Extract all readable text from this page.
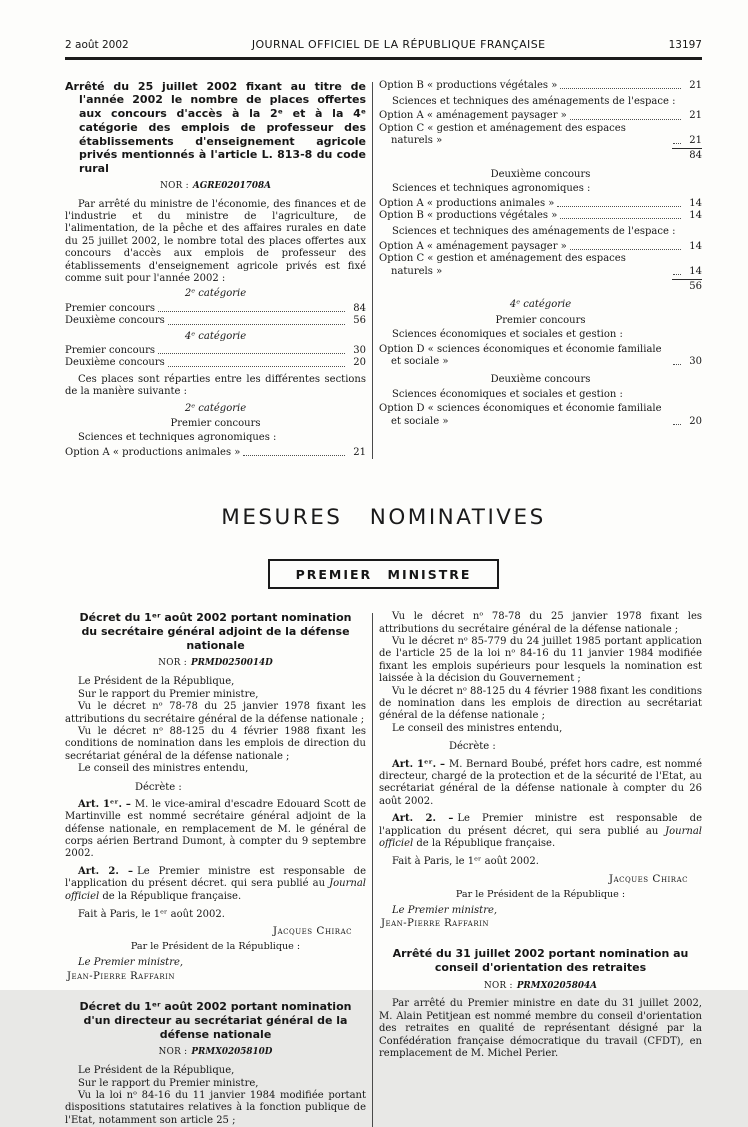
2 août 2002	JOURNAL OFFICIEL DE LA RÉPUBLIQUE FRANÇAISE	13197
Arrêté du 25 juillet 2002 fixant au titre de l'année 2002 le nombre de places offertes aux concours d'accès à la 2ᵉ et à la 4ᵉ catégorie des emplois de professeur des établissements d'enseignement agricole privés mentionnés à l'article L. 813-8 du code rural

NOR : AGRE0201708A

Par arrêté du ministre de l'économie, des finances et de l'industrie et du ministre de l'agriculture, de l'alimentation, de la pêche et des affaires rurales en date du 25 juillet 2002, le nombre total des places offertes aux concours d'accès aux emplois de professeur des établissements d'enseignement agricole privés est fixé comme suit pour l'année 2002 :

2ᵉ catégorie

Premier concours	84
Deuxième concours	56

4ᵉ catégorie

Premier concours	30
Deuxième concours	20

Ces places sont réparties entre les différentes sections de la manière suivante :

2ᵉ catégorie

Premier concours

Sciences et techniques agronomiques :

Option A « productions animales »	21
Option B « productions végétales »	21

Sciences et techniques des aménagements de l'espace :

Option A « aménagement paysager »	21
Option C « gestion et aménagement des espaces naturels »	21
84

Deuxième concours

Sciences et techniques agronomiques :

Option A « productions animales »	14
Option B « productions végétales »	14

Sciences et techniques des aménagements de l'espace :

Option A « aménagement paysager »	14
Option C « gestion et aménagement des espaces naturels »	14
56

4ᵉ catégorie

Premier concours

Sciences économiques et sociales et gestion :

Option D « sciences économiques et économie familiale et sociale »	30

Deuxième concours

Sciences économiques et sociales et gestion :

Option D « sciences économiques et économie familiale et sociale »	20
MESURES NOMINATIVES
PREMIER MINISTRE
Décret du 1ᵉʳ août 2002 portant nomination du secrétaire général adjoint de la défense nationale

NOR : PRMD0250014D

Le Président de la République,

Sur le rapport du Premier ministre,

Vu le décret nᵒ 78-78 du 25 janvier 1978 fixant les attributions du secrétaire général de la défense nationale ;

Vu le décret nᵒ 88-125 du 4 février 1988 fixant les conditions de nomination dans les emplois de direction du secrétariat général de la défense nationale ;

Le conseil des ministres entendu,

Décrète :

Art. 1ᵉʳ. – M. le vice-amiral d'escadre Edouard Scott de Martinville est nommé secrétaire général adjoint de la défense nationale, en remplacement de M. le général de corps aérien Bertrand Dumont, à compter du 9 septembre 2002.

Art. 2. – Le Premier ministre est responsable de l'application du présent décret. qui sera publié au Journal officiel de la République française.

Fait à Paris, le 1ᵉʳ août 2002.

Jacques Chirac

Par le Président de la République :

Le Premier ministre,

Jean-Pierre Raffarin

Décret du 1ᵉʳ août 2002 portant nomination d'un directeur au secrétariat général de la défense nationale

NOR : PRMX0205810D

Le Président de la République,

Sur le rapport du Premier ministre,

Vu la loi nᵒ 84-16 du 11 janvier 1984 modifiée portant dispositions statutaires relatives à la fonction publique de l'Etat, notamment son article 25 ;

Vu le décret nᵒ 78-78 du 25 janvier 1978 fixant les attributions du secrétaire général de la défense nationale ;

Vu le décret nᵒ 85-779 du 24 juillet 1985 portant application de l'article 25 de la loi nᵒ 84-16 du 11 janvier 1984 modifiée fixant les emplois supérieurs pour lesquels la nomination est laissée à la décision du Gouvernement ;

Vu le décret nᵒ 88-125 du 4 février 1988 fixant les conditions de nomination dans les emplois de direction au secrétariat général de la défense nationale ;

Le conseil des ministres entendu,

Décrète :

Art. 1ᵉʳ. – M. Bernard Boubé, préfet hors cadre, est nommé directeur, chargé de la protection et de la sécurité de l'Etat, au secrétariat général de la défense nationale à compter du 26 août 2002.

Art. 2. – Le Premier ministre est responsable de l'application du présent décret, qui sera publié au Journal officiel de la République française.

Fait à Paris, le 1ᵉʳ août 2002.

Jacques Chirac

Par le Président de la République :

Le Premier ministre,

Jean-Pierre Raffarin

Arrêté du 31 juillet 2002 portant nomination au conseil d'orientation des retraites

NOR : PRMX0205804A

Par arrêté du Premier ministre en date du 31 juillet 2002, M. Alain Petitjean est nommé membre du conseil d'orientation des retraites en qualité de représentant désigné par la Confédération française démocratique du travail (CFDT), en remplacement de M. Michel Perier.
